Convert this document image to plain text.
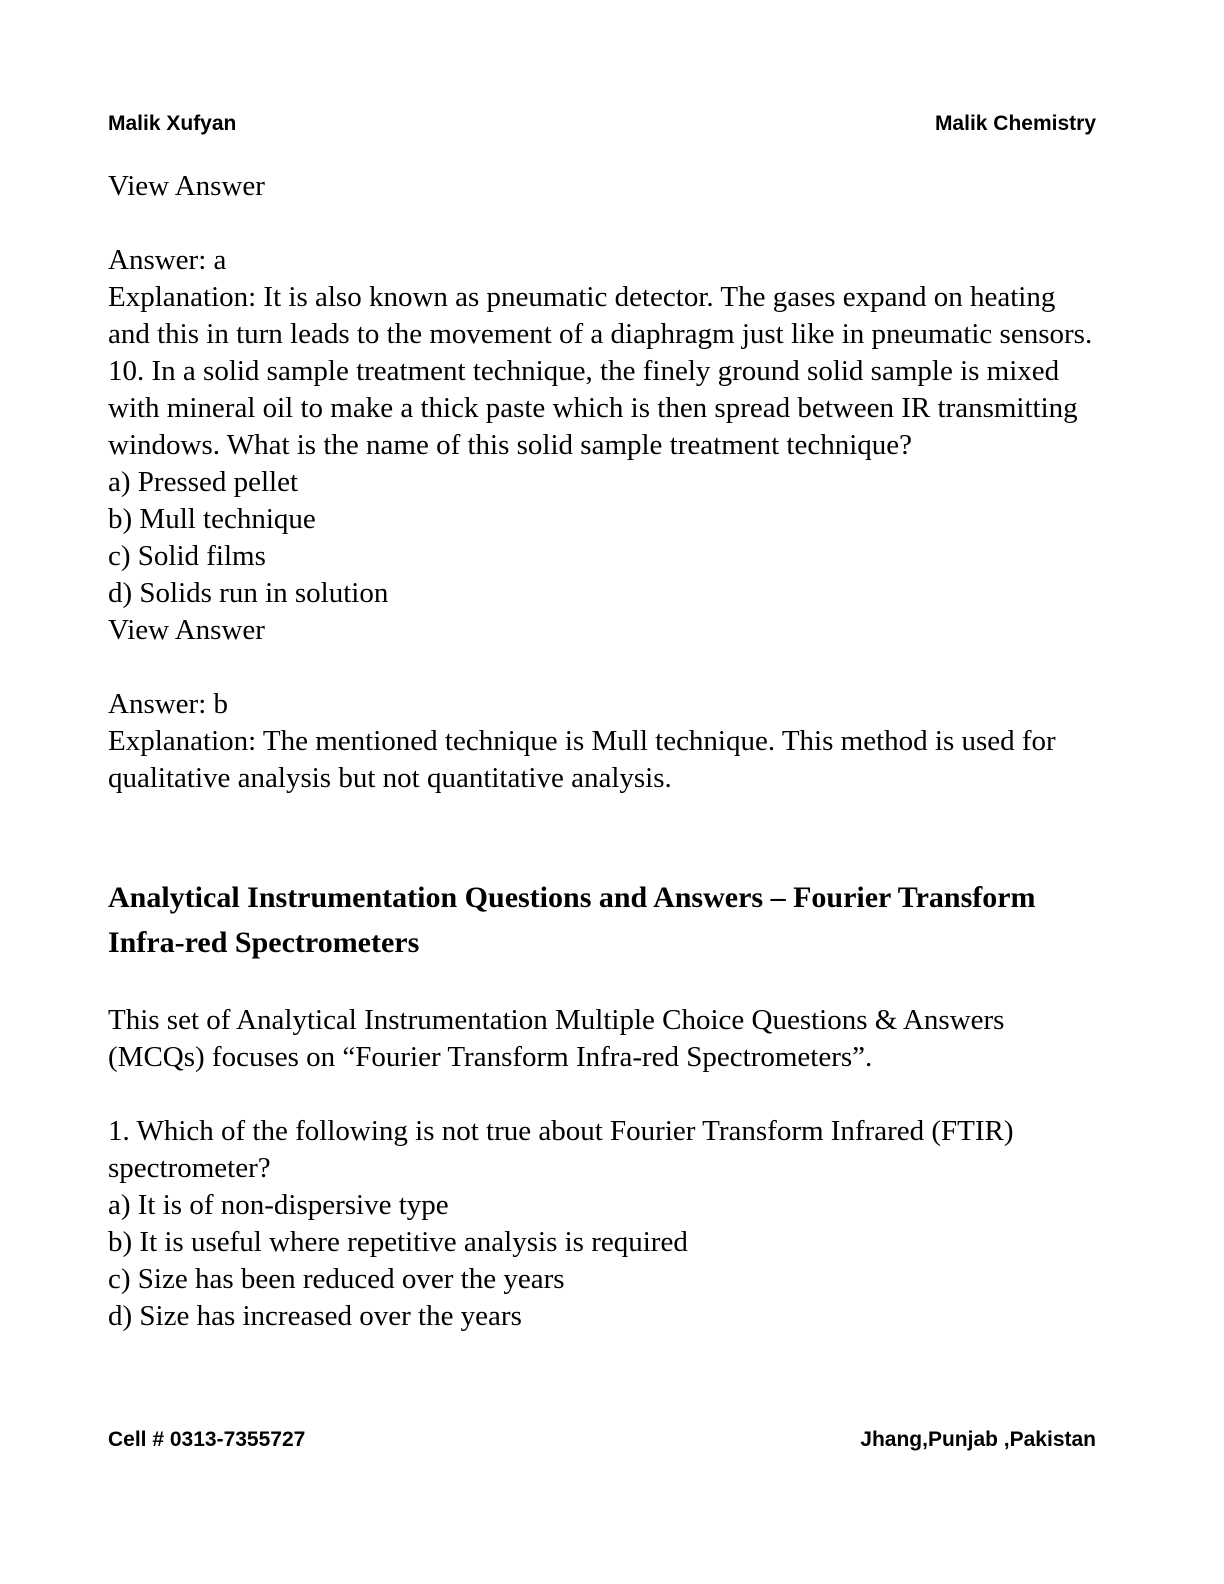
Malik Xufyan	Malik Chemistry
View Answer
Answer: a
Explanation: It is also known as pneumatic detector. The gases expand on heating and this in turn leads to the movement of a diaphragm just like in pneumatic sensors.
10. In a solid sample treatment technique, the finely ground solid sample is mixed with mineral oil to make a thick paste which is then spread between IR transmitting windows. What is the name of this solid sample treatment technique?
a) Pressed pellet
b) Mull technique
c) Solid films
d) Solids run in solution
View Answer
Answer: b
Explanation: The mentioned technique is Mull technique. This method is used for qualitative analysis but not quantitative analysis.
Analytical Instrumentation Questions and Answers – Fourier Transform Infra-red Spectrometers
This set of Analytical Instrumentation Multiple Choice Questions & Answers (MCQs) focuses on “Fourier Transform Infra-red Spectrometers”.
1. Which of the following is not true about Fourier Transform Infrared (FTIR) spectrometer?
a) It is of non-dispersive type
b) It is useful where repetitive analysis is required
c) Size has been reduced over the years
d) Size has increased over the years
Cell # 0313-7355727	Jhang,Punjab ,Pakistan
